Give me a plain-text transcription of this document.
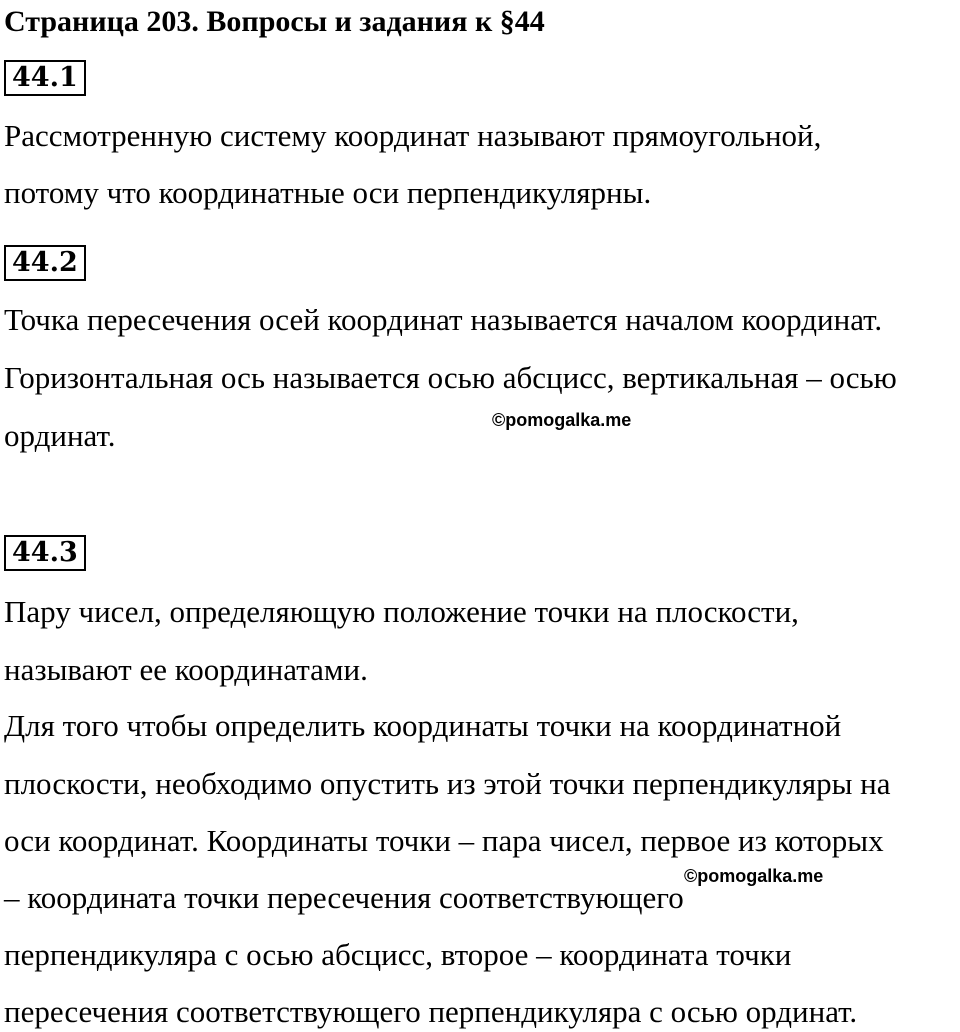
Страница 203. Вопросы и задания к §44
44.1
Рассмотренную систему координат называют прямоугольной,
потому что координатные оси перпендикулярны.
44.2
Точка пересечения осей координат называется началом координат.
Горизонтальная ось называется осью абсцисс, вертикальная – осью
ординат.	©pomogalka.me
44.3
Пару чисел, определяющую положение точки на плоскости,
называют ее координатами.
Для того чтобы определить координаты точки на координатной
плоскости, необходимо опустить из этой точки перпендикуляры на
оси координат. Координаты точки – пара чисел, первое из которых
©pomogalka.me
– координата точки пересечения соответствующего
перпендикуляра с осью абсцисс, второе – координата точки
пересечения соответствующего перпендикуляра с осью ординат.
